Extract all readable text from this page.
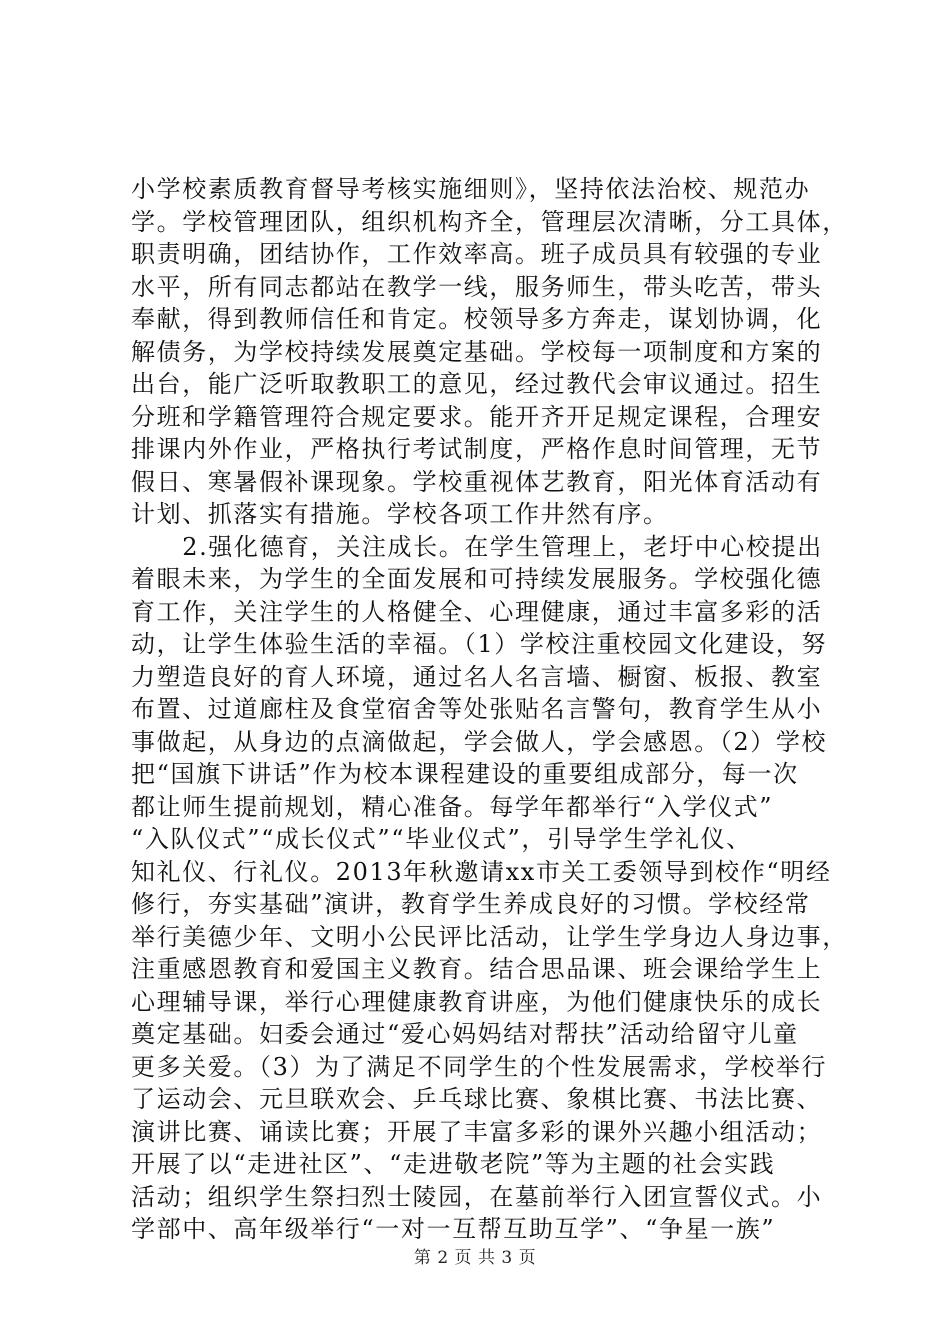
小学校素质教育督导考核实施细则》，坚持依法治校、规范办
学。学校管理团队，组织机构齐全，管理层次清晰，分工具体，
职责明确，团结协作，工作效率高。班子成员具有较强的专业
水平，所有同志都站在教学一线，服务师生，带头吃苦，带头
奉献，得到教师信任和肯定。校领导多方奔走，谋划协调，化
解债务，为学校持续发展奠定基础。学校每一项制度和方案的
出台，能广泛听取教职工的意见，经过教代会审议通过。招生
分班和学籍管理符合规定要求。能开齐开足规定课程，合理安
排课内外作业，严格执行考试制度，严格作息时间管理，无节
假日、寒暑假补课现象。学校重视体艺教育，阳光体育活动有
计划、抓落实有措施。学校各项工作井然有序。
　　2.强化德育，关注成长。在学生管理上，老圩中心校提出
着眼未来，为学生的全面发展和可持续发展服务。学校强化德
育工作，关注学生的人格健全、心理健康，通过丰富多彩的活
动，让学生体验生活的幸福。（1）学校注重校园文化建设，努
力塑造良好的育人环境，通过名人名言墙、橱窗、板报、教室
布置、过道廊柱及食堂宿舍等处张贴名言警句，教育学生从小
事做起，从身边的点滴做起，学会做人，学会感恩。（2）学校
把“国旗下讲话”作为校本课程建设的重要组成部分，每一次
都让师生提前规划，精心准备。每学年都举行“入学仪式”
“入队仪式”“成长仪式”“毕业仪式”，引导学生学礼仪、
知礼仪、行礼仪。2013年秋邀请xx市关工委领导到校作“明经
修行，夯实基础”演讲，教育学生养成良好的习惯。学校经常
举行美德少年、文明小公民评比活动，让学生学身边人身边事，
注重感恩教育和爱国主义教育。结合思品课、班会课给学生上
心理辅导课，举行心理健康教育讲座，为他们健康快乐的成长
奠定基础。妇委会通过“爱心妈妈结对帮扶”活动给留守儿童
更多关爱。（3）为了满足不同学生的个性发展需求，学校举行
了运动会、元旦联欢会、乒乓球比赛、象棋比赛、书法比赛、
演讲比赛、诵读比赛；开展了丰富多彩的课外兴趣小组活动；
开展了以“走进社区”、“走进敬老院”等为主题的社会实践
活动；组织学生祭扫烈士陵园，在墓前举行入团宣誓仪式。小
学部中、高年级举行“一对一互帮互助互学”、“争星一族”
第 2 页 共 3 页
